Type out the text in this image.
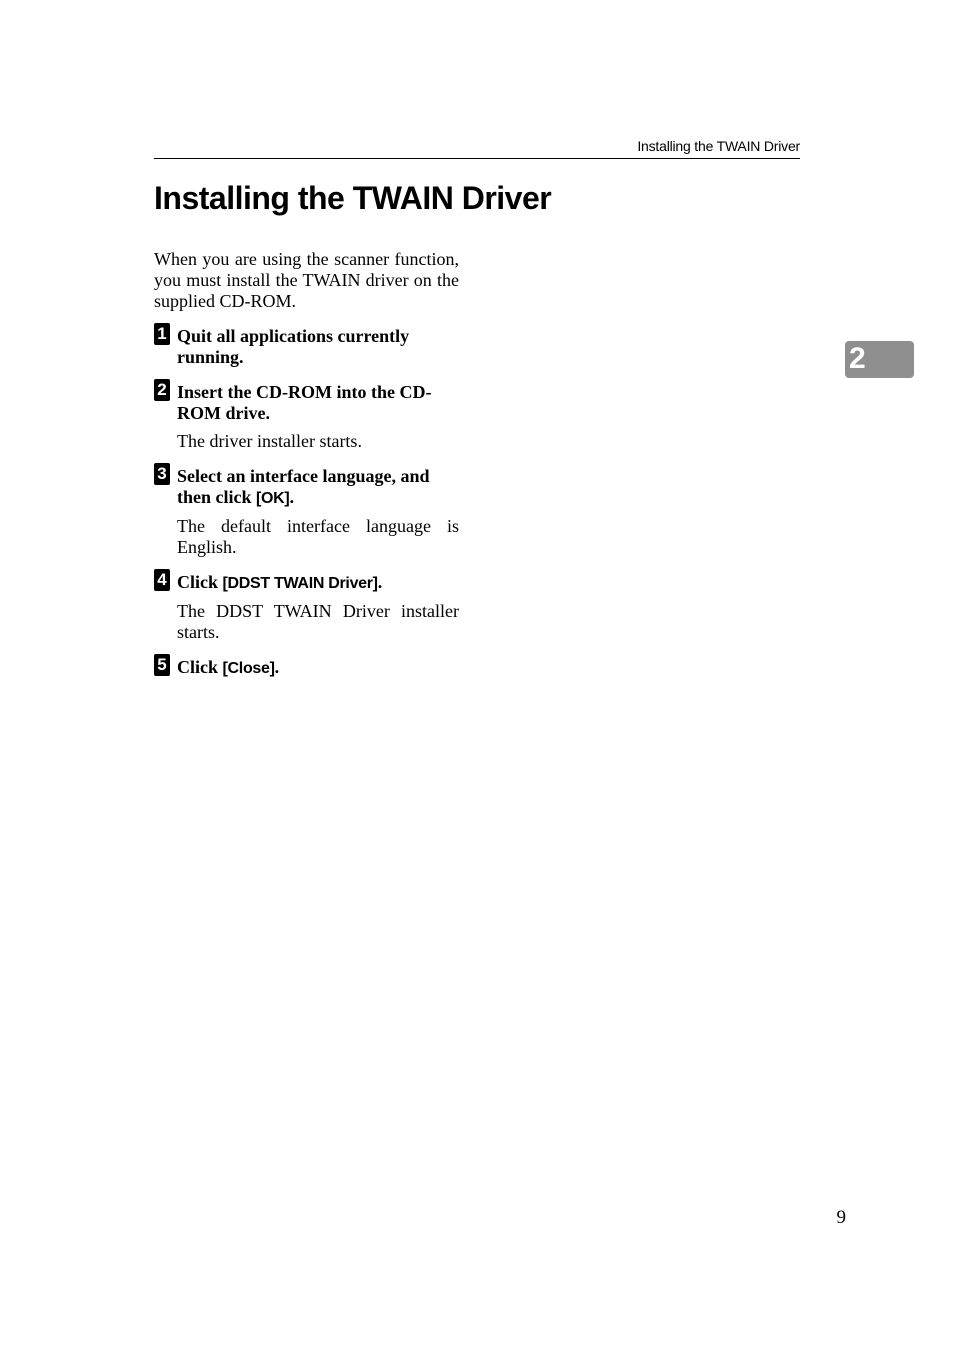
Installing the TWAIN Driver
Installing the TWAIN Driver

When you are using the scanner function, you must install the TWAIN driver on the supplied CD-ROM.

1 Quit all applications currently running.

2 Insert the CD-ROM into the CD-ROM drive.

The driver installer starts.

3 Select an interface language, and then click [OK].

The default interface language is English.

4 Click [DDST TWAIN Driver].

The DDST TWAIN Driver installer starts.

5 Click [Close].

2
9
